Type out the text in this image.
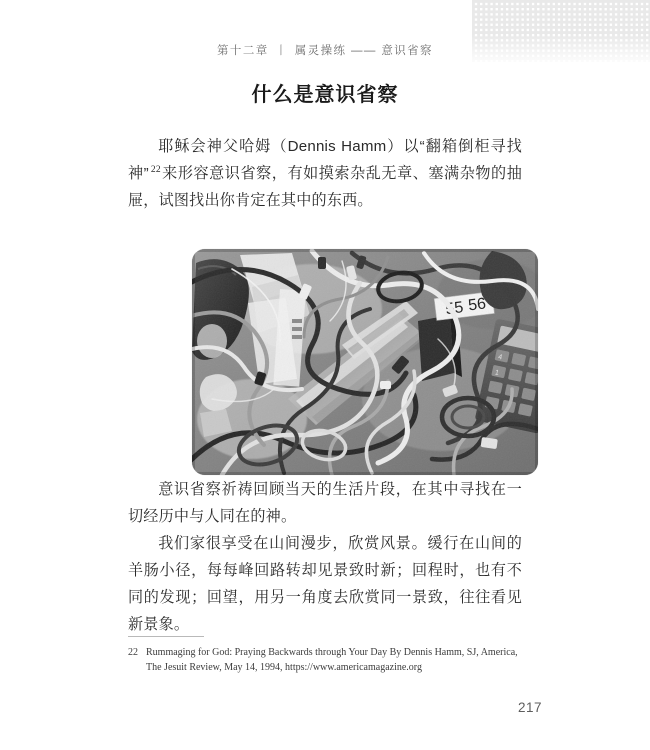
第十二章 丨 属灵操练 —— 意识省察
什么是意识省察

耶稣会神父哈姆（Dennis Hamm）以“翻箱倒柜寻找神” $^{22}$来形容意识省察，有如摸索杂乱无章、塞满杂物的抽屉，试图找出你肯定在其中的东西。

意识省察祈祷回顾当天的生活片段，在其中寻找在一切经历中与人同在的神。

我们家很享受在山间漫步，欣赏风景。缓行在山间的羊肠小径，每每峰回路转却见景致时新；回程时，也有不同的发现；回望，用另一角度去欣赏同一景致，往往看见新景象。

22 Rummaging for God: Praying Backwards through Your Day By Dennis Hamm, SJ, America, The Jesuit Review, May 14, 1994, https://www.americamagazine.org
217
